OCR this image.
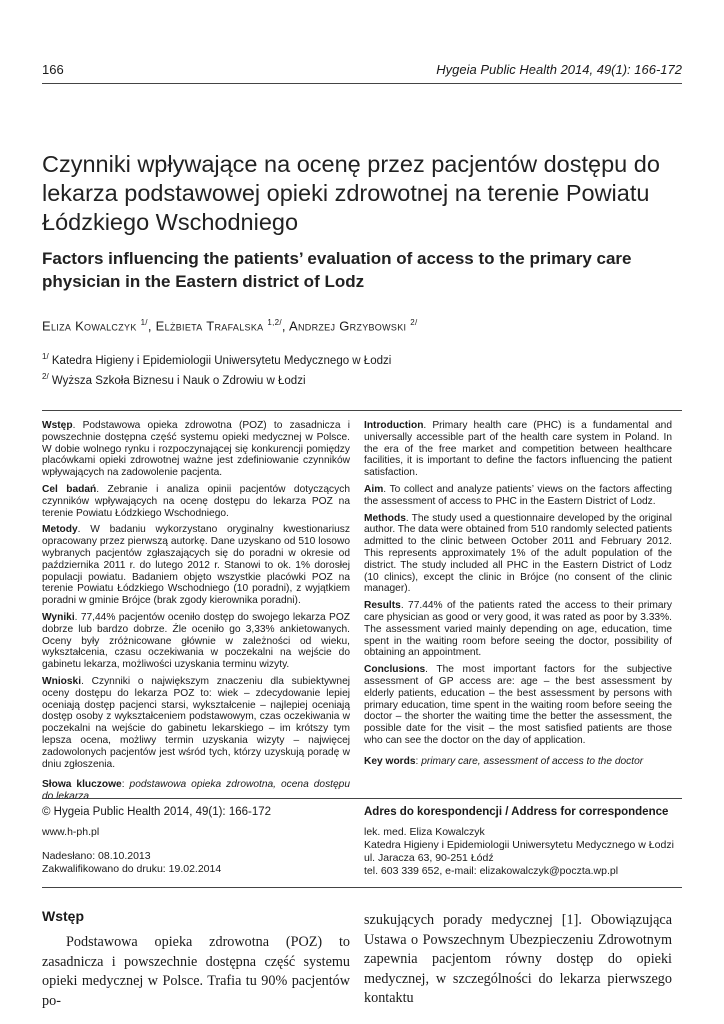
166	Hygeia Public Health 2014, 49(1): 166-172
Czynniki wpływające na ocenę przez pacjentów dostępu do lekarza podstawowej opieki zdrowotnej na terenie Powiatu Łódzkiego Wschodniego
Factors influencing the patients’ evaluation of access to the primary care physician in the Eastern district of Lodz
Eliza Kowalczyk $^{1/}$, Elżbieta Trafalska $^{1,2/}$, Andrzej Grzybowski $^{2/}$
$^{1/}$ Katedra Higieny i Epidemiologii Uniwersytetu Medycznego w Łodzi
$^{2/}$ Wyższa Szkoła Biznesu i Nauk o Zdrowiu w Łodzi

Wstęp. Podstawowa opieka zdrowotna (POZ) to zasadnicza i powszechnie dostępna część systemu opieki medycznej w Polsce. W dobie wolnego rynku i rozpoczynającej się konkurencji pomiędzy placówkami opieki zdrowotnej ważne jest zdefiniowanie czynników wpływających na zadowolenie pacjenta.

Cel badań. Zebranie i analiza opinii pacjentów dotyczących czynników wpływających na ocenę dostępu do lekarza POZ na terenie Powiatu Łódzkiego Wschodniego.

Metody. W badaniu wykorzystano oryginalny kwestionariusz opracowany przez pierwszą autorkę. Dane uzyskano od 510 losowo wybranych pacjentów zgłaszających się do poradni w okresie od października 2011 r. do lutego 2012 r. Stanowi to ok. 1% dorosłej populacji powiatu. Badaniem objęto wszystkie placówki POZ na terenie Powiatu Łódzkiego Wschodniego (10 poradni), z wyjątkiem poradni w gminie Brójce (brak zgody kierownika poradni).

Wyniki. 77,44% pacjentów oceniło dostęp do swojego lekarza POZ dobrze lub bardzo dobrze. Źle oceniło go 3,33% ankietowanych. Oceny były zróżnicowane głównie w zależności od wieku, wykształcenia, czasu oczekiwania w poczekalni na wejście do gabinetu lekarza, możliwości uzyskania terminu wizyty.

Wnioski. Czynniki o największym znaczeniu dla subiektywnej oceny dostępu do lekarza POZ to: wiek – zdecydowanie lepiej oceniają dostęp pacjenci starsi, wykształcenie – najlepiej oceniają dostęp osoby z wykształceniem podstawowym, czas oczekiwania w poczekalni na wejście do gabinetu lekarskiego – im krótszy tym lepsza ocena, możliwy termin uzyskania wizyty – najwięcej zadowolonych pacjentów jest wśród tych, którzy uzyskują poradę w dniu zgłoszenia.

Słowa kluczowe: podstawowa opieka zdrowotna, ocena dostępu do lekarza

Introduction. Primary health care (PHC) is a fundamental and universally accessible part of the health care system in Poland. In the era of the free market and competition between healthcare facilities, it is important to define the factors influencing the patient satisfaction.

Aim. To collect and analyze patients’ views on the factors affecting the assessment of access to PHC in the Eastern District of Lodz.

Methods. The study used a questionnaire developed by the original author. The data were obtained from 510 randomly selected patients admitted to the clinic between October 2011 and February 2012. This represents approximately 1% of the adult population of the district. The study included all PHC in the Eastern District of Lodz (10 clinics), except the clinic in Brójce (no consent of the clinic manager).

Results. 77.44% of the patients rated the access to their primary care physician as good or very good, it was rated as poor by 3.33%. The assessment varied mainly depending on age, education, time spent in the waiting room before seeing the doctor, possibility of obtaining an appointment.

Conclusions. The most important factors for the subjective assessment of GP access are: age – the best assessment by elderly patients, education – the best assessment by persons with primary education, time spent in the waiting room before seeing the doctor – the shorter the waiting time the better the assessment, the possible date for the visit – the most satisfied patients are those who can see the doctor on the day of application.

Key words: primary care, assessment of access to the doctor

© Hygeia Public Health 2014, 49(1): 166-172
www.h-ph.pl
Nadesłano: 08.10.2013
Zakwalifikowano do druku: 19.02.2014
Adres do korespondencji / Address for correspondence
lek. med. Eliza Kowalczyk
Katedra Higieny i Epidemiologii Uniwersytetu Medycznego w Łodzi
ul. Jaracza 63, 90-251 Łódź
tel. 603 339 652, e-mail: elizakowalczyk@poczta.wp.pl
Wstęp
Podstawowa opieka zdrowotna (POZ) to zasadnicza i powszechnie dostępna część systemu opieki medycznej w Polsce. Trafia tu 90% pacjentów po-
szukujących porady medycznej [1]. Obowiązująca Ustawa o Powszechnym Ubezpieczeniu Zdrowotnym zapewnia pacjentom równy dostęp do opieki medycznej, w szczególności do lekarza pierwszego kontaktu
